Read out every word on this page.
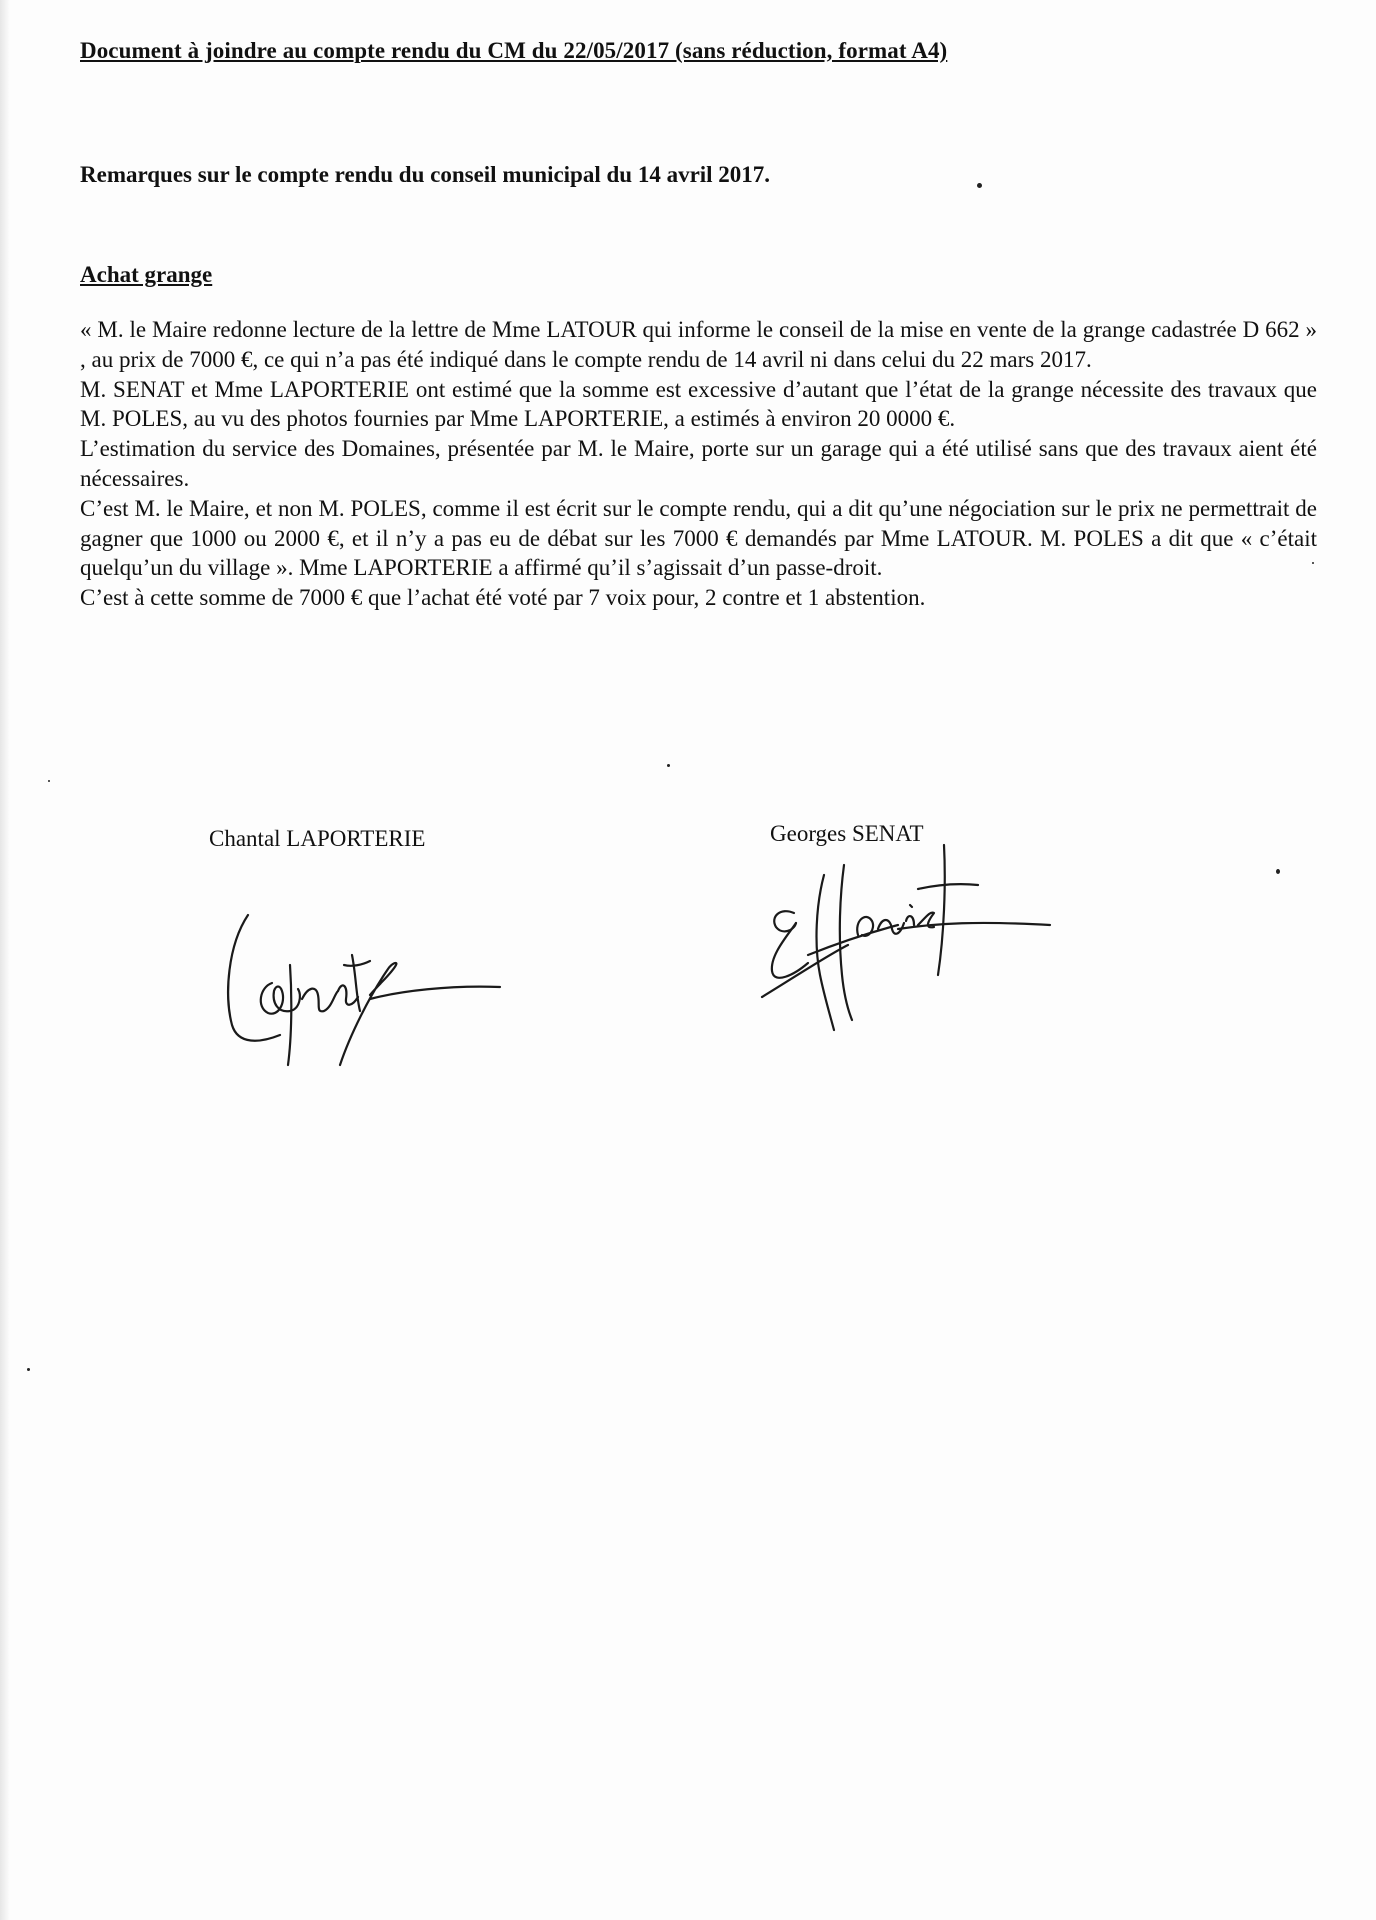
Document à joindre au compte rendu du CM du 22/05/2017 (sans réduction, format A4)
Remarques sur le compte rendu du conseil municipal du 14 avril 2017.
Achat grange

« M. le Maire redonne lecture de la lettre de Mme LATOUR qui informe le conseil de la mise en vente de la grange cadastrée D 662 » , au prix de 7000 €, ce qui n’a pas été indiqué dans le compte rendu de 14 avril ni dans celui du 22 mars 2017.

M. SENAT et Mme LAPORTERIE ont estimé que la somme est excessive d’autant que l’état de la grange nécessite des travaux que M. POLES, au vu des photos fournies par Mme LAPORTERIE, a estimés à environ 20 0000 €.

L’estimation du service des Domaines, présentée par M. le Maire, porte sur un garage qui a été utilisé sans que des travaux aient été nécessaires.

C’est M. le Maire, et non M. POLES, comme il est écrit sur le compte rendu, qui a dit qu’une négociation sur le prix ne permettrait de gagner que 1000 ou 2000 €, et il n’y a pas eu de débat sur les 7000 € demandés par Mme LATOUR. M. POLES a dit que « c’était quelqu’un du village ». Mme LAPORTERIE a affirmé qu’il s’agissait d’un passe-droit.

C’est à cette somme de 7000 € que l’achat été voté par 7 voix pour, 2 contre et 1 abstention.

Chantal LAPORTERIE	Georges SENAT
